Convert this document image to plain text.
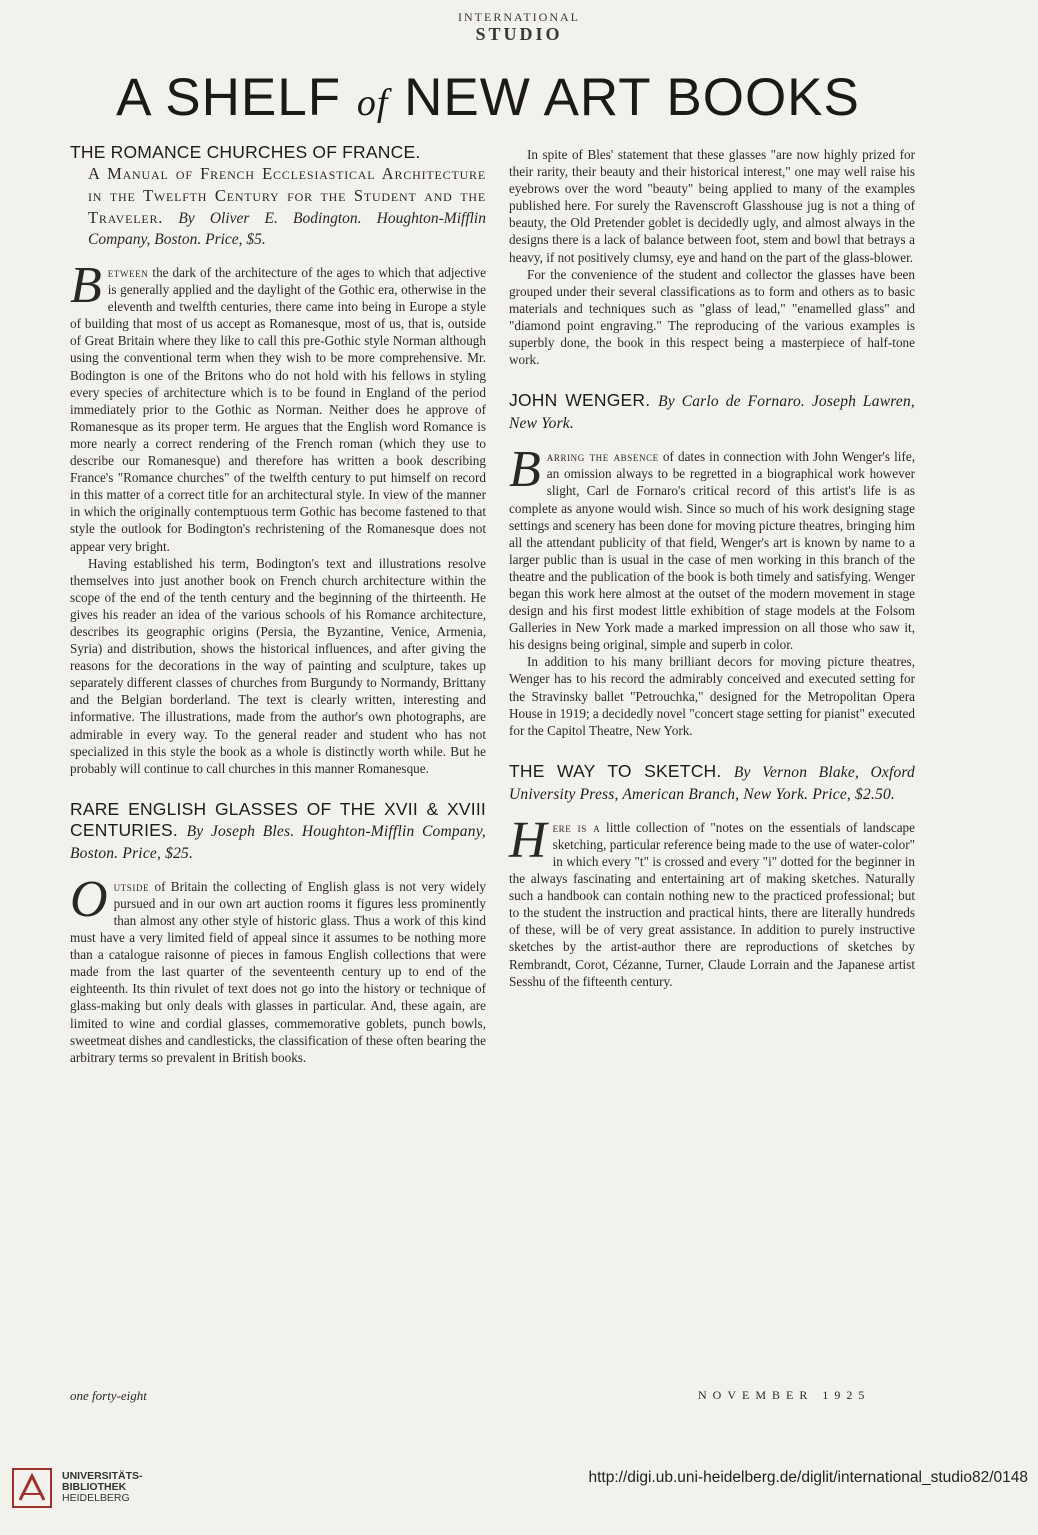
INTERNATIONAL
STUDIO
A SHELF of NEW ART BOOKS

THE ROMANCE CHURCHES OF FRANCE.

A Manual of French Ecclesiastical Architecture in the Twelfth Century for the Student and the Traveler. By Oliver E. Bodington. Houghton-Mifflin Company, Boston. Price, $5.

Between the dark of the architecture of the ages to which that adjective is generally applied and the daylight of the Gothic era, otherwise in the eleventh and twelfth centuries, there came into being in Europe a style of building that most of us accept as Romanesque, most of us, that is, outside of Great Britain where they like to call this pre-Gothic style Norman although using the conventional term when they wish to be more comprehensive. Mr. Bodington is one of the Britons who do not hold with his fellows in styling every species of architecture which is to be found in England of the period immediately prior to the Gothic as Norman. Neither does he approve of Romanesque as its proper term. He argues that the English word Romance is more nearly a correct rendering of the French roman (which they use to describe our Romanesque) and therefore has written a book describing France's "Romance churches" of the twelfth century to put himself on record in this matter of a correct title for an architectural style. In view of the manner in which the originally contemptuous term Gothic has become fastened to that style the outlook for Bodington's rechristening of the Romanesque does not appear very bright.

Having established his term, Bodington's text and illustrations resolve themselves into just another book on French church architecture within the scope of the end of the tenth century and the beginning of the thirteenth. He gives his reader an idea of the various schools of his Romance architecture, describes its geographic origins (Persia, the Byzantine, Venice, Armenia, Syria) and distribution, shows the historical influences, and after giving the reasons for the decorations in the way of painting and sculpture, takes up separately different classes of churches from Burgundy to Normandy, Brittany and the Belgian borderland. The text is clearly written, interesting and informative. The illustrations, made from the author's own photographs, are admirable in every way. To the general reader and student who has not specialized in this style the book as a whole is distinctly worth while. But he probably will continue to call churches in this manner Romanesque.

RARE ENGLISH GLASSES OF THE XVII & XVIII CENTURIES. By Joseph Bles. Houghton-Mifflin Company, Boston. Price, $25.

Outside of Britain the collecting of English glass is not very widely pursued and in our own art auction rooms it figures less prominently than almost any other style of historic glass. Thus a work of this kind must have a very limited field of appeal since it assumes to be nothing more than a catalogue raisonne of pieces in famous English collections that were made from the last quarter of the seventeenth century up to end of the eighteenth. Its thin rivulet of text does not go into the history or technique of glass-making but only deals with glasses in particular. And, these again, are limited to wine and cordial glasses, commemorative goblets, punch bowls, sweetmeat dishes and candlesticks, the classification of these often bearing the arbitrary terms so prevalent in British books.

In spite of Bles' statement that these glasses "are now highly prized for their rarity, their beauty and their historical interest," one may well raise his eyebrows over the word "beauty" being applied to many of the examples published here. For surely the Ravenscroft Glasshouse jug is not a thing of beauty, the Old Pretender goblet is decidedly ugly, and almost always in the designs there is a lack of balance between foot, stem and bowl that betrays a heavy, if not positively clumsy, eye and hand on the part of the glass-blower.

For the convenience of the student and collector the glasses have been grouped under their several classifications as to form and others as to basic materials and techniques such as "glass of lead," "enamelled glass" and "diamond point engraving." The reproducing of the various examples is superbly done, the book in this respect being a masterpiece of half-tone work.

JOHN WENGER. By Carlo de Fornaro. Joseph Lawren, New York.

Barring the absence of dates in connection with John Wenger's life, an omission always to be regretted in a biographical work however slight, Carl de Fornaro's critical record of this artist's life is as complete as anyone would wish. Since so much of his work designing stage settings and scenery has been done for moving picture theatres, bringing him all the attendant publicity of that field, Wenger's art is known by name to a larger public than is usual in the case of men working in this branch of the theatre and the publication of the book is both timely and satisfying. Wenger began this work here almost at the outset of the modern movement in stage design and his first modest little exhibition of stage models at the Folsom Galleries in New York made a marked impression on all those who saw it, his designs being original, simple and superb in color.

In addition to his many brilliant decors for moving picture theatres, Wenger has to his record the admirably conceived and executed setting for the Stravinsky ballet "Petrouchka," designed for the Metropolitan Opera House in 1919; a decidedly novel "concert stage setting for pianist" executed for the Capitol Theatre, New York.

THE WAY TO SKETCH. By Vernon Blake, Oxford University Press, American Branch, New York. Price, $2.50.

Here is a little collection of "notes on the essentials of landscape sketching, particular reference being made to the use of water-color" in which every "t" is crossed and every "i" dotted for the beginner in the always fascinating and entertaining art of making sketches. Naturally such a handbook can contain nothing new to the practiced professional; but to the student the instruction and practical hints, there are literally hundreds of these, will be of very great assistance. In addition to purely instructive sketches by the artist-author there are reproductions of sketches by Rembrandt, Corot, Cézanne, Turner, Claude Lorrain and the Japanese artist Sesshu of the fifteenth century.

one forty-eight	NOVEMBER 1925
UNIVERSITÄTS-
BIBLIOTHEK
HEIDELBERG
http://digi.ub.uni-heidelberg.de/diglit/international_studio82/0148
